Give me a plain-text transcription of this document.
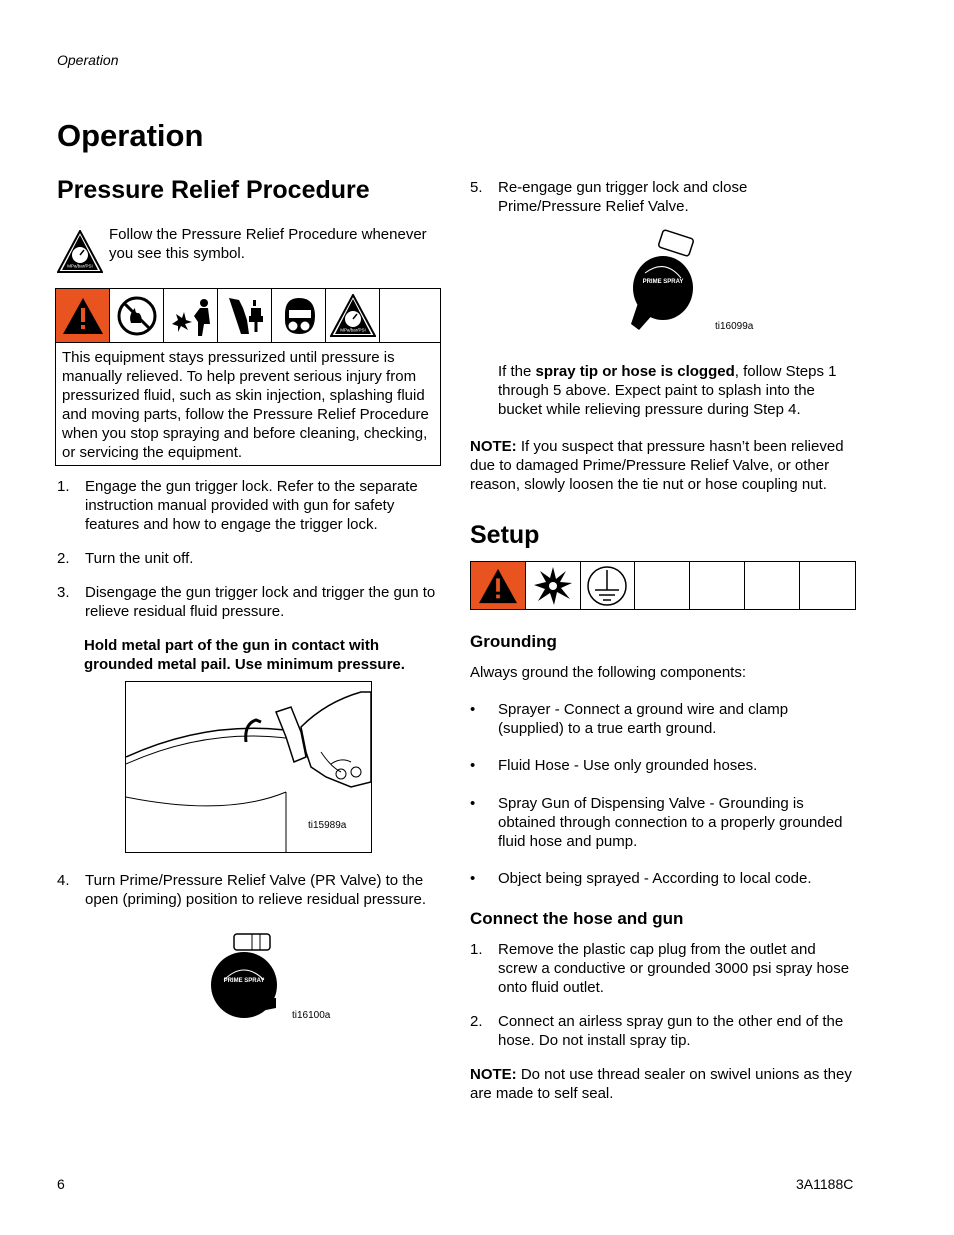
Operation
Operation
Pressure Relief Procedure
MPa/bar/PSI

Follow the Pressure Relief Procedure whenever you see this symbol.

MPa/bar/PSI
This equipment stays pressurized until pressure is manually relieved. To help prevent serious injury from pressurized fluid, such as skin injection, splashing fluid and moving parts, follow the Pressure Relief Procedure when you stop spraying and before cleaning, checking, or servicing the equipment.
1. Engage the gun trigger lock. Refer to the separate instruction manual provided with gun for safety features and how to engage the trigger lock.
2. Turn the unit off.
3. Disengage the gun trigger lock and trigger the gun to relieve residual fluid pressure.

Hold metal part of the gun in contact with grounded metal pail. Use minimum pressure.

ti15989a
4. Turn Prime/Pressure Relief Valve (PR Valve) to the open (priming) position to relieve residual pressure.
PRIME SPRAY
ti16100a
5. Re-engage gun trigger lock and close Prime/Pressure Relief Valve.
PRIME SPRAY
ti16099a

If the spray tip or hose is clogged, follow Steps 1 through 5 above. Expect paint to splash into the bucket while relieving pressure during Step 4.

NOTE: If you suspect that pressure hasn’t been relieved due to damaged Prime/Pressure Relief Valve, or other reason, slowly loosen the tie nut or hose coupling nut.

Setup
Grounding

Always ground the following components:

• Sprayer - Connect a ground wire and clamp (supplied) to a true earth ground.
• Fluid Hose - Use only grounded hoses.
• Spray Gun of Dispensing Valve - Grounding is obtained through connection to a properly grounded fluid hose and pump.
• Object being sprayed - According to local code.
Connect the hose and gun
1. Remove the plastic cap plug from the outlet and screw a conductive or grounded 3000 psi spray hose onto fluid outlet.
2. Connect an airless spray gun to the other end of the hose. Do not install spray tip.

NOTE: Do not use thread sealer on swivel unions as they are made to self seal.

6	3A1188C
